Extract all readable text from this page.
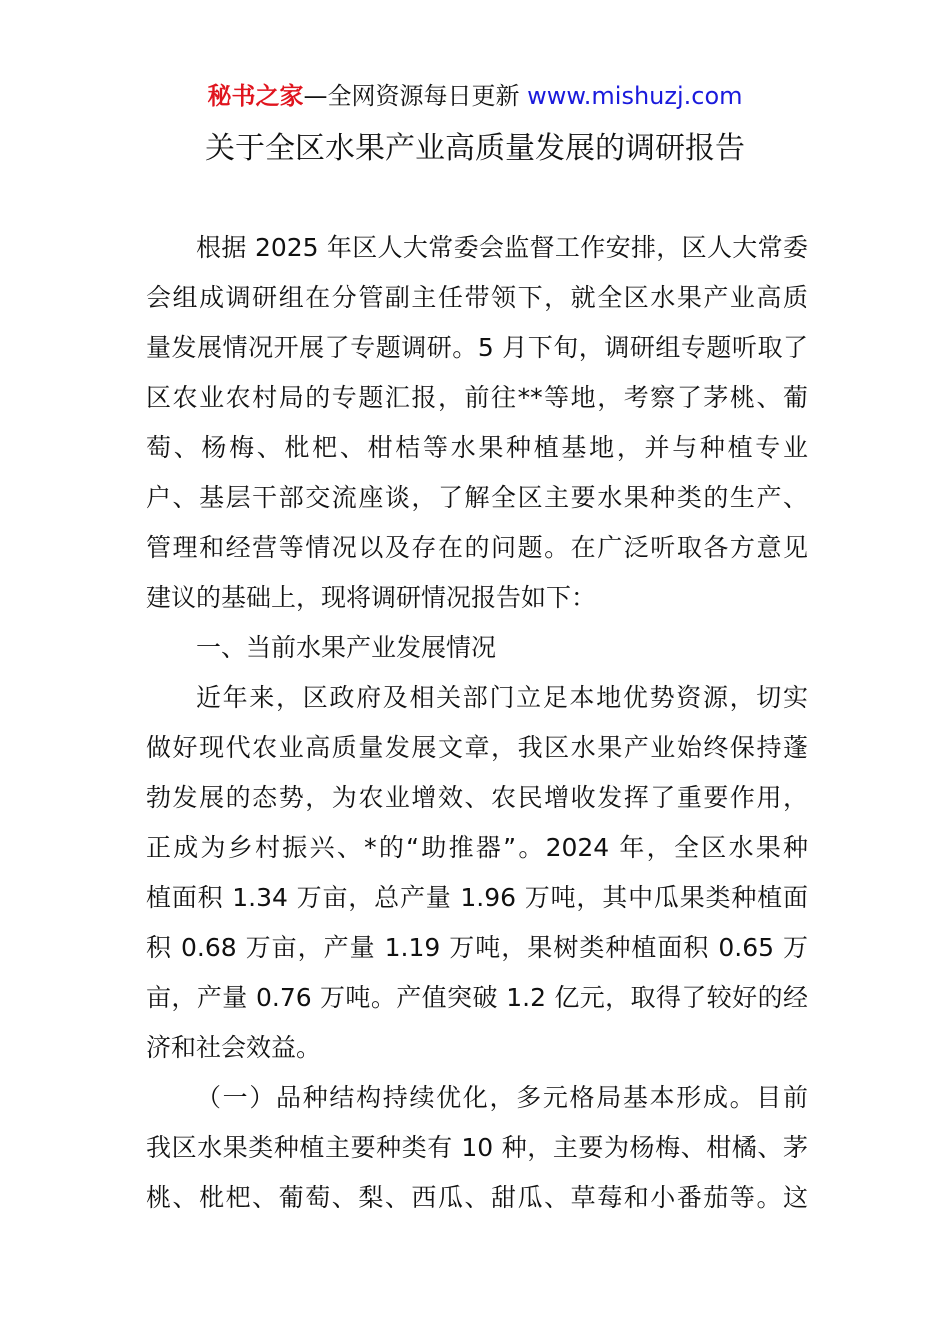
秘书之家—全网资源每日更新 www.mishuzj.com
关于全区水果产业高质量发展的调研报告
根据 2025 年区人大常委会监督工作安排，区人大常委
会组成调研组在分管副主任带领下，就全区水果产业高质
量发展情况开展了专题调研。5 月下旬，调研组专题听取了
区农业农村局的专题汇报，前往**等地，考察了茅桃、葡
萄、杨梅、枇杷、柑桔等水果种植基地，并与种植专业
户、基层干部交流座谈，了解全区主要水果种类的生产、
管理和经营等情况以及存在的问题。在广泛听取各方意见
建议的基础上，现将调研情况报告如下：
一、当前水果产业发展情况
近年来，区政府及相关部门立足本地优势资源，切实
做好现代农业高质量发展文章，我区水果产业始终保持蓬
勃发展的态势，为农业增效、农民增收发挥了重要作用，
正成为乡村振兴、*的“助推器”。2024 年，全区水果种
植面积 1.34 万亩，总产量 1.96 万吨，其中瓜果类种植面
积 0.68 万亩，产量 1.19 万吨，果树类种植面积 0.65 万
亩，产量 0.76 万吨。产值突破 1.2 亿元，取得了较好的经
济和社会效益。
（一）品种结构持续优化，多元格局基本形成。目前
我区水果类种植主要种类有 10 种，主要为杨梅、柑橘、茅
桃、枇杷、葡萄、梨、西瓜、甜瓜、草莓和小番茄等。这
